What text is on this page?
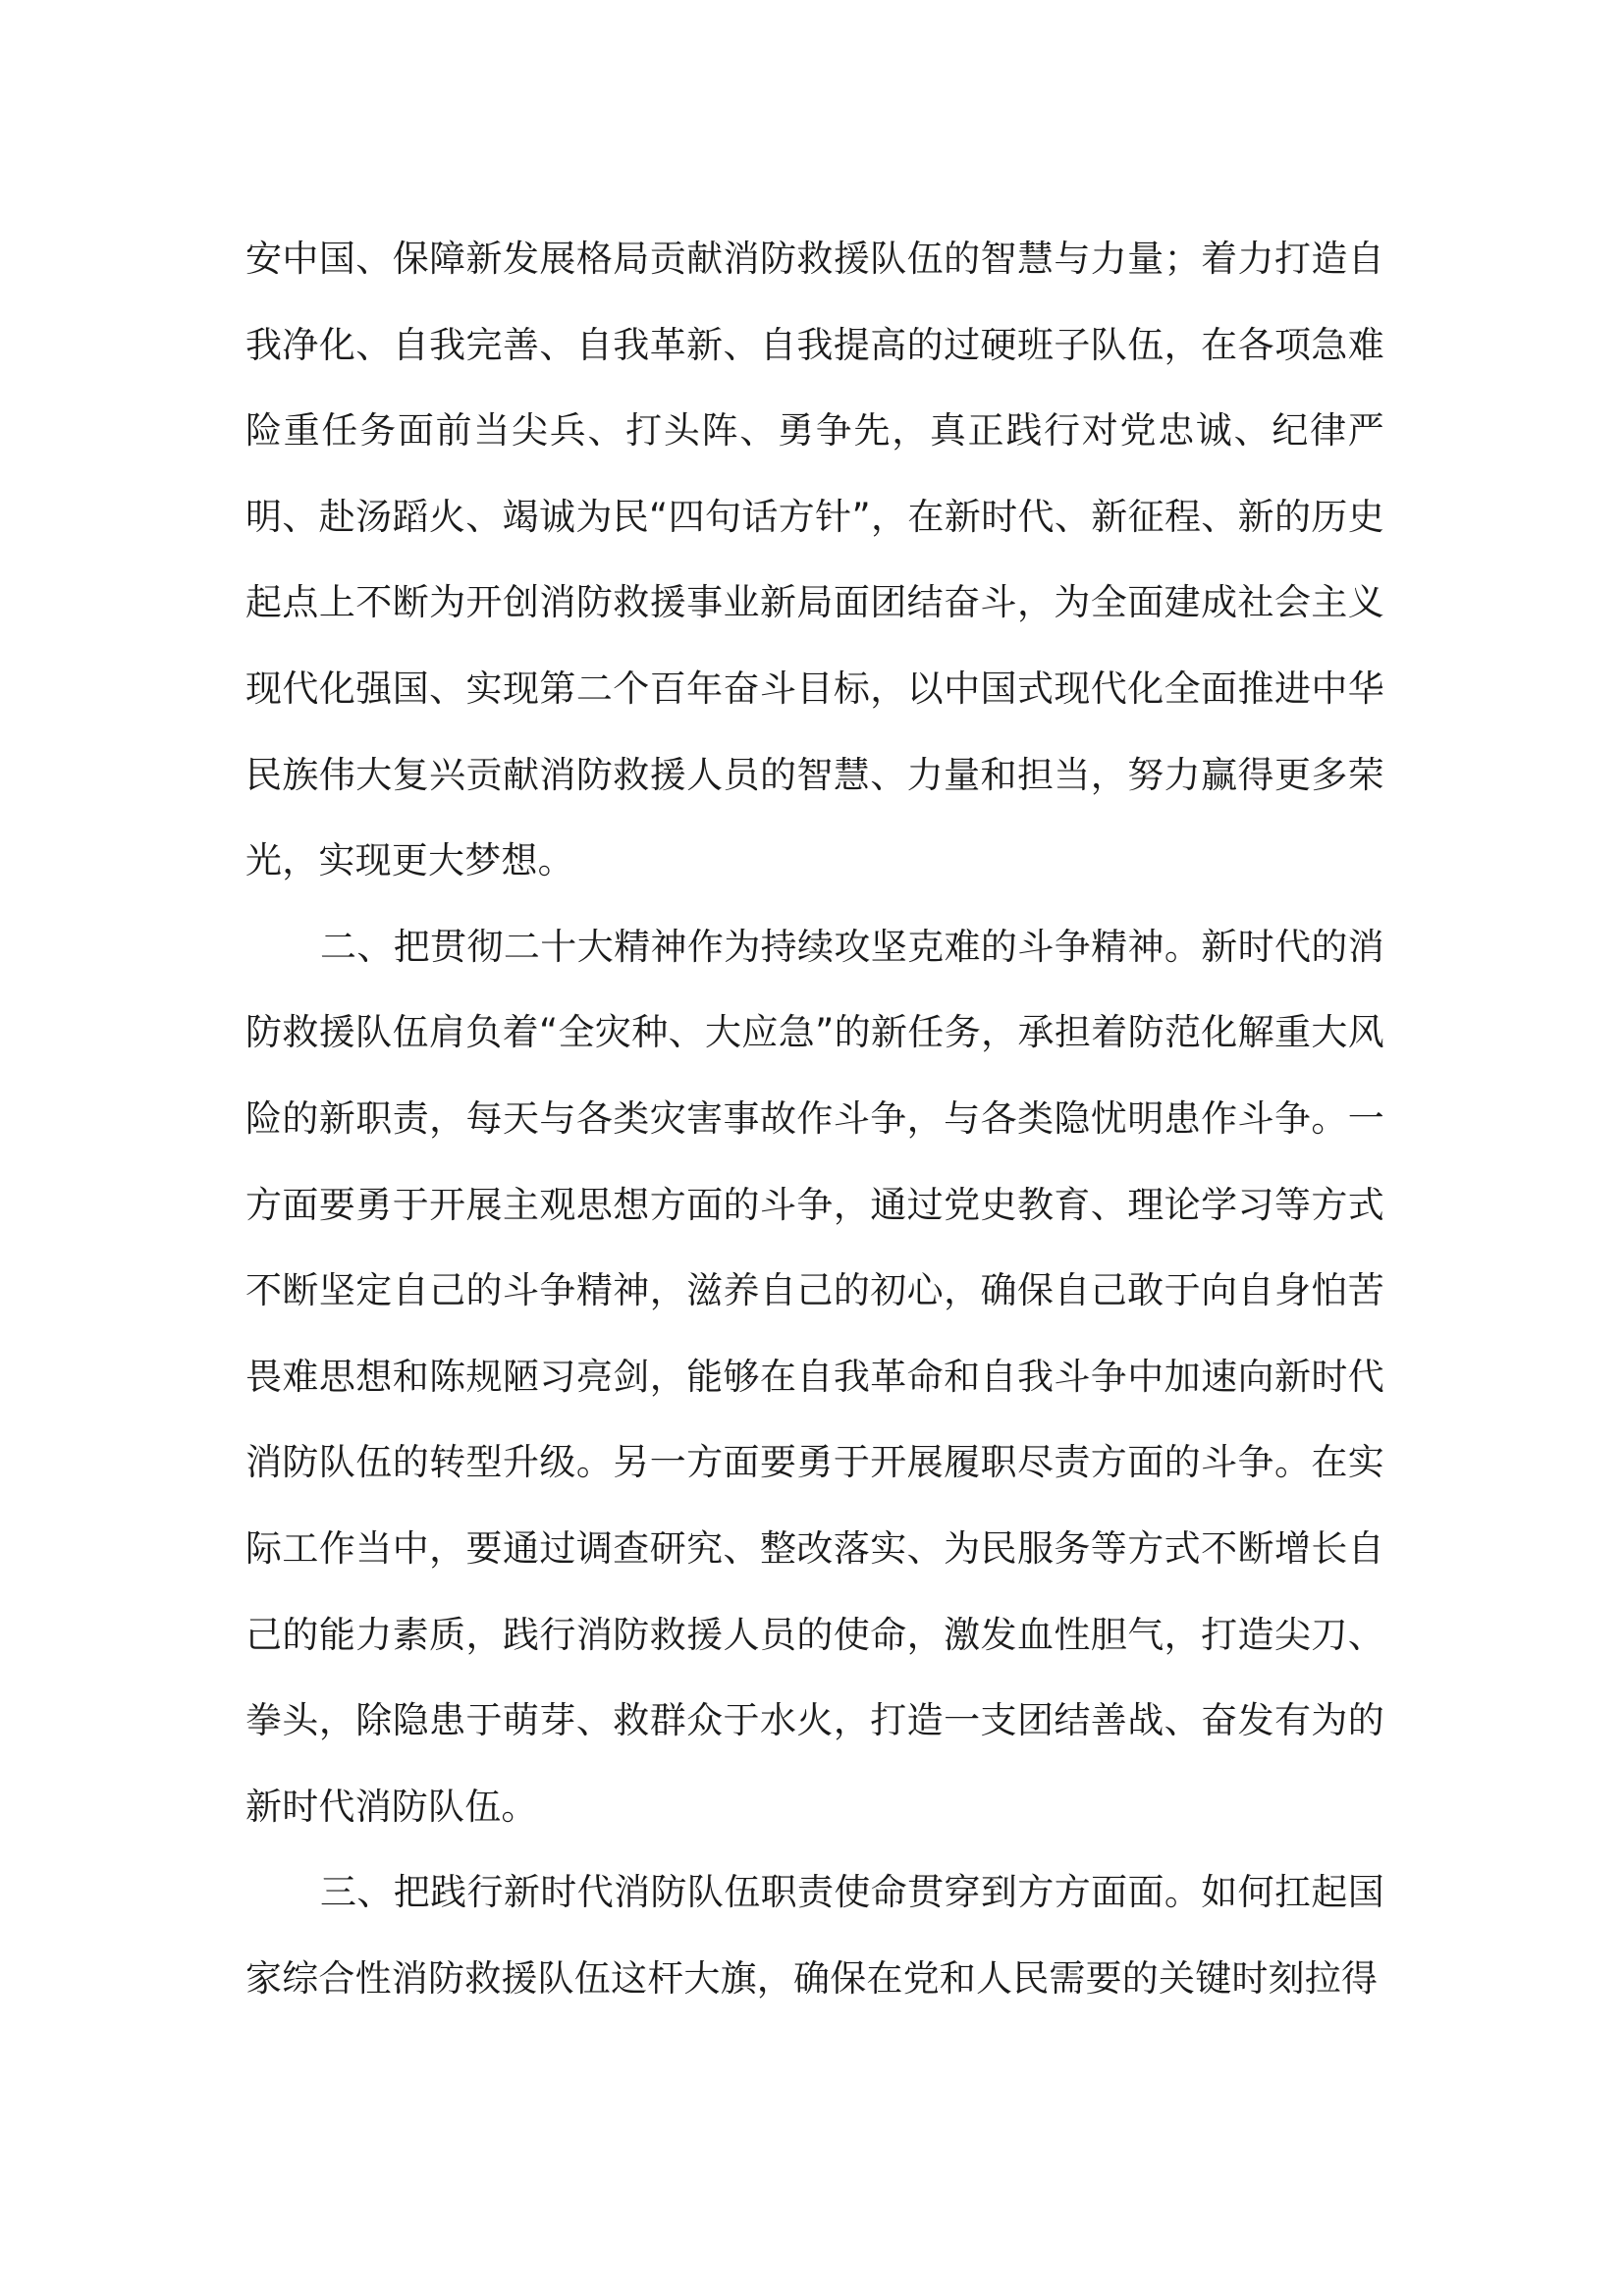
安中国、保障新发展格局贡献消防救援队伍的智慧与力量；着力打造自我净化、自我完善、自我革新、自我提高的过硬班子队伍，在各项急难险重任务面前当尖兵、打头阵、勇争先，真正践行对党忠诚、纪律严明、赴汤蹈火、竭诚为民“四句话方针”，在新时代、新征程、新的历史起点上不断为开创消防救援事业新局面团结奋斗，为全面建成社会主义现代化强国、实现第二个百年奋斗目标，以中国式现代化全面推进中华民族伟大复兴贡献消防救援人员的智慧、力量和担当，努力赢得更多荣光，实现更大梦想。

二、把贯彻二十大精神作为持续攻坚克难的斗争精神。新时代的消防救援队伍肩负着“全灾种、大应急”的新任务，承担着防范化解重大风险的新职责，每天与各类灾害事故作斗争，与各类隐忧明患作斗争。一方面要勇于开展主观思想方面的斗争，通过党史教育、理论学习等方式不断坚定自己的斗争精神，滋养自己的初心，确保自己敢于向自身怕苦畏难思想和陈规陋习亮剑，能够在自我革命和自我斗争中加速向新时代消防队伍的转型升级。另一方面要勇于开展履职尽责方面的斗争。在实际工作当中，要通过调查研究、整改落实、为民服务等方式不断增长自己的能力素质，践行消防救援人员的使命，激发血性胆气，打造尖刀、拳头，除隐患于萌芽、救群众于水火，打造一支团结善战、奋发有为的新时代消防队伍。

三、把践行新时代消防队伍职责使命贯穿到方方面面。如何扛起国家综合性消防救援队伍这杆大旗，确保在党和人民需要的关键时刻拉得
